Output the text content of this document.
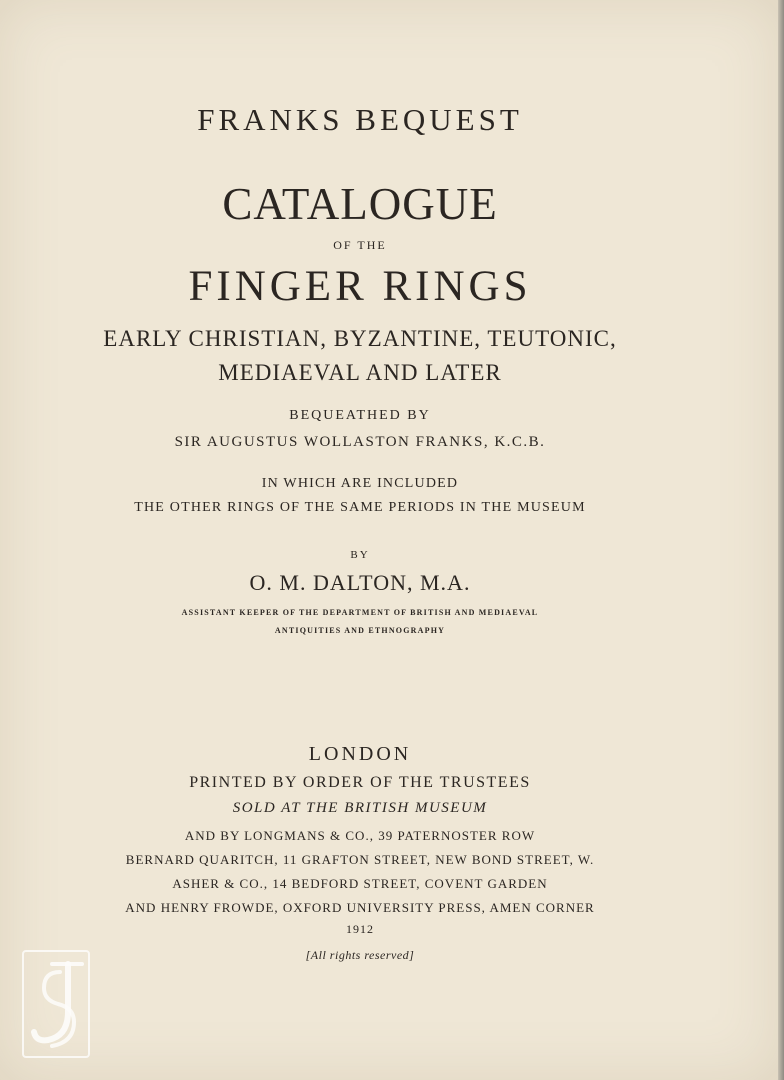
FRANKS BEQUEST
CATALOGUE
OF THE
FINGER RINGS
EARLY CHRISTIAN, BYZANTINE, TEUTONIC,
MEDIAEVAL AND LATER
BEQUEATHED BY
SIR AUGUSTUS WOLLASTON FRANKS, K.C.B.
IN WHICH ARE INCLUDED
THE OTHER RINGS OF THE SAME PERIODS IN THE MUSEUM
BY
O. M. DALTON, M.A.
ASSISTANT KEEPER OF THE DEPARTMENT OF BRITISH AND MEDIAEVAL
ANTIQUITIES AND ETHNOGRAPHY
LONDON
PRINTED BY ORDER OF THE TRUSTEES
SOLD AT THE BRITISH MUSEUM
AND BY LONGMANS & CO., 39 PATERNOSTER ROW
BERNARD QUARITCH, 11 GRAFTON STREET, NEW BOND STREET, W.
ASHER & CO., 14 BEDFORD STREET, COVENT GARDEN
AND HENRY FROWDE, OXFORD UNIVERSITY PRESS, AMEN CORNER
1912
[All rights reserved]
